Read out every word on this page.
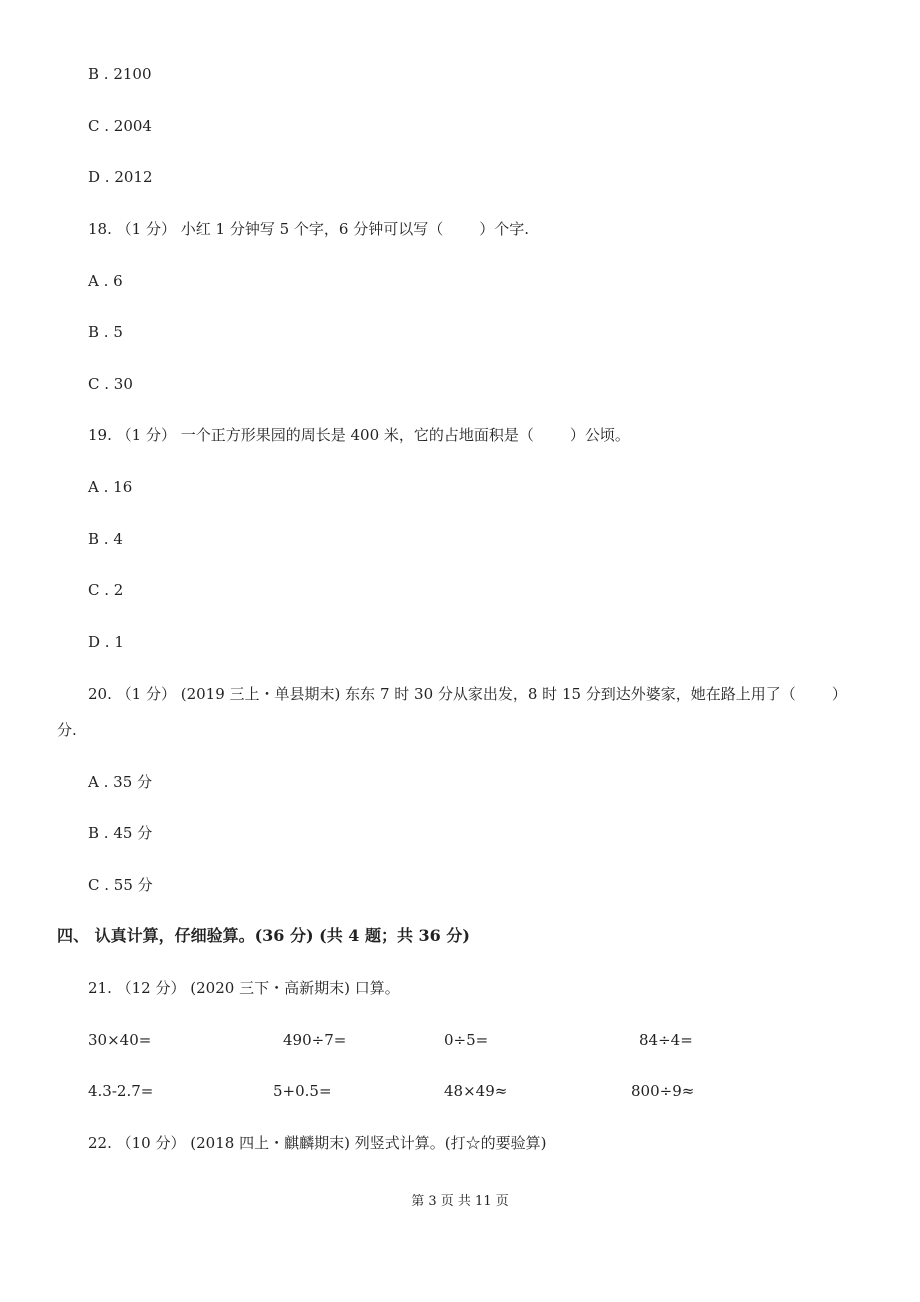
B . 2100
C . 2004
D . 2012
18. （1 分） 小红 1 分钟写 5 个字，6 分钟可以写（ ）个字.
A . 6
B . 5
C . 30
19. （1 分） 一个正方形果园的周长是 400 米，它的占地面积是（ ）公顷。
A . 16
B . 4
C . 2
D . 1
20. （1 分） (2019 三上・单县期末) 东东 7 时 30 分从家出发，8 时 15 分到达外婆家，她在路上用了（ ）
分.
A . 35 分
B . 45 分
C . 55 分
四、 认真计算，仔细验算。(36 分) (共 4 题；共 36 分)
21. （12 分） (2020 三下・高新期末) 口算。
30×40=	490÷7=	0÷5=	84÷4=
4.3-2.7=	5+0.5=	48×49≈	800÷9≈
22. （10 分） (2018 四上・麒麟期末) 列竖式计算。(打☆的要验算)
第 3 页 共 11 页
